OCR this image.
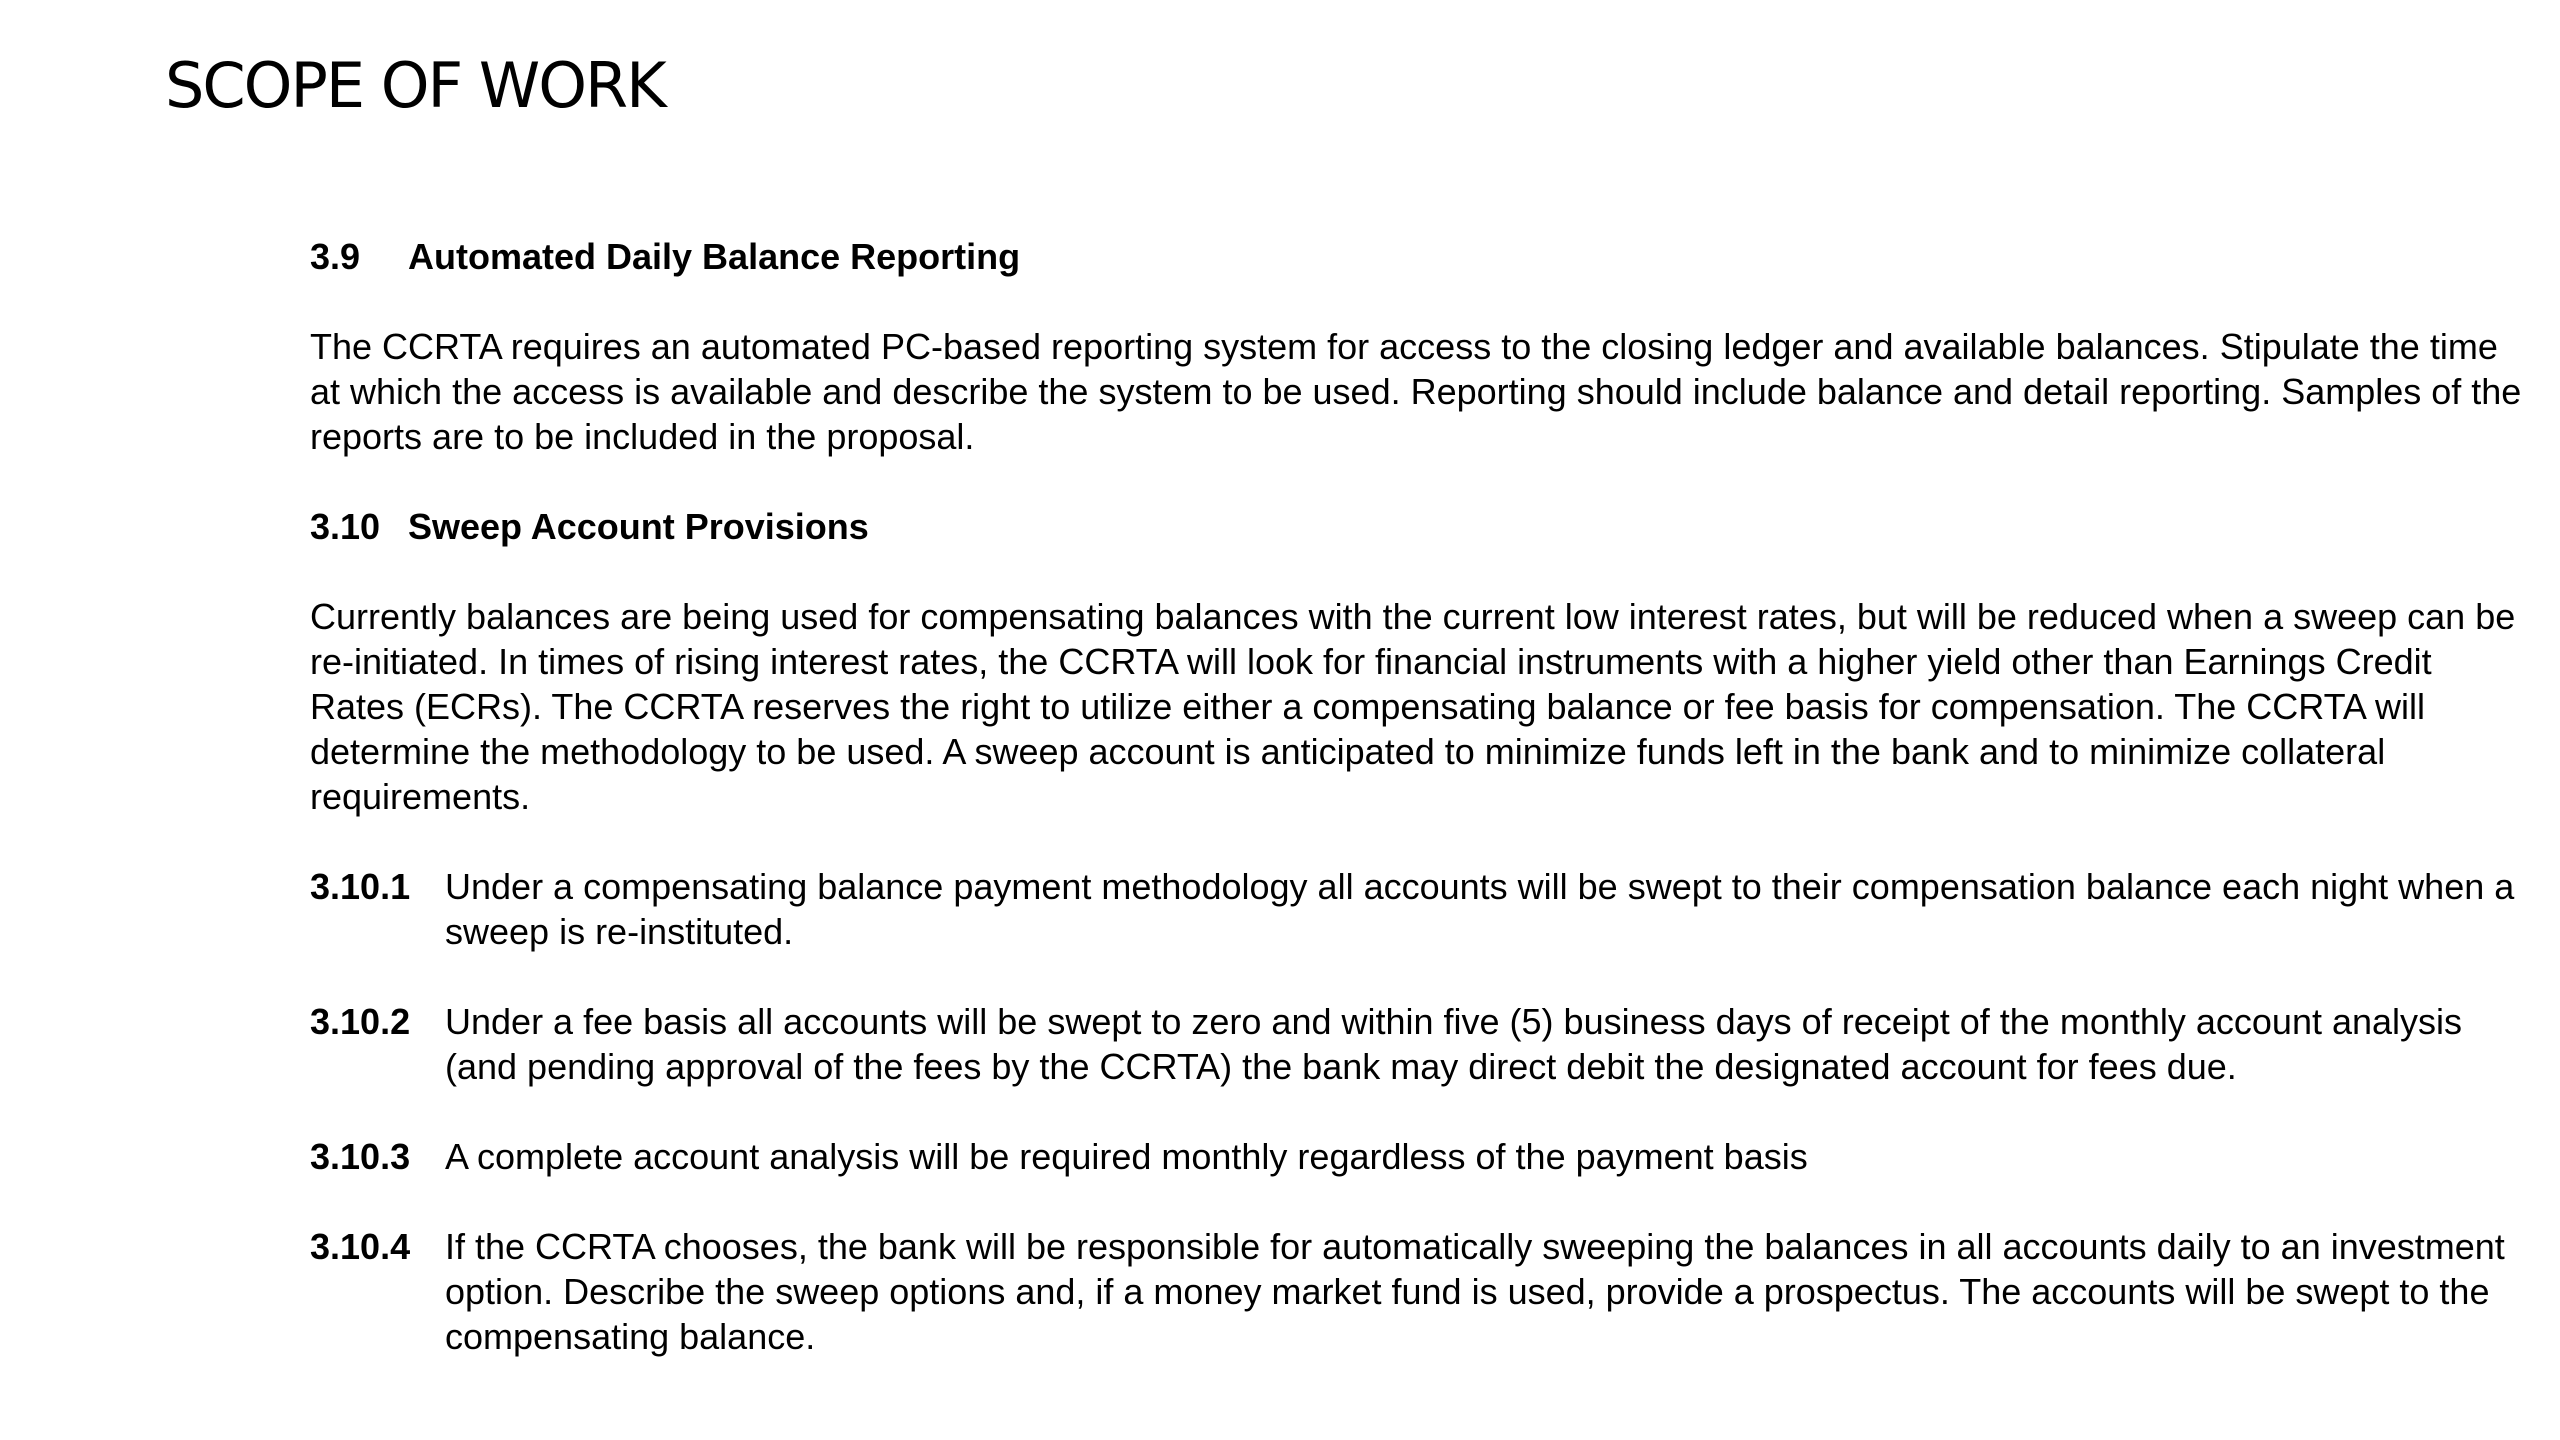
SCOPE OF WORK
3.9 Automated Daily Balance Reporting

The CCRTA requires an automated PC-based reporting system for access to the closing ledger and available balances. Stipulate the time at which the access is available and describe the system to be used. Reporting should include balance and detail reporting. Samples of the reports are to be included in the proposal.

3.10 Sweep Account Provisions

Currently balances are being used for compensating balances with the current low interest rates, but will be reduced when a sweep can be re-initiated. In times of rising interest rates, the CCRTA will look for financial instruments with a higher yield other than Earnings Credit Rates (ECRs). The CCRTA reserves the right to utilize either a compensating balance or fee basis for compensation. The CCRTA will determine the methodology to be used. A sweep account is anticipated to minimize funds left in the bank and to minimize collateral requirements.

3.10.1 Under a compensating balance payment methodology all accounts will be swept to their compensation balance each night when a sweep is re-instituted.
3.10.2 Under a fee basis all accounts will be swept to zero and within five (5) business days of receipt of the monthly account analysis (and pending approval of the fees by the CCRTA) the bank may direct debit the designated account for fees due.
3.10.3 A complete account analysis will be required monthly regardless of the payment basis
3.10.4 If the CCRTA chooses, the bank will be responsible for automatically sweeping the balances in all accounts daily to an investment option. Describe the sweep options and, if a money market fund is used, provide a prospectus. The accounts will be swept to the compensating balance.
